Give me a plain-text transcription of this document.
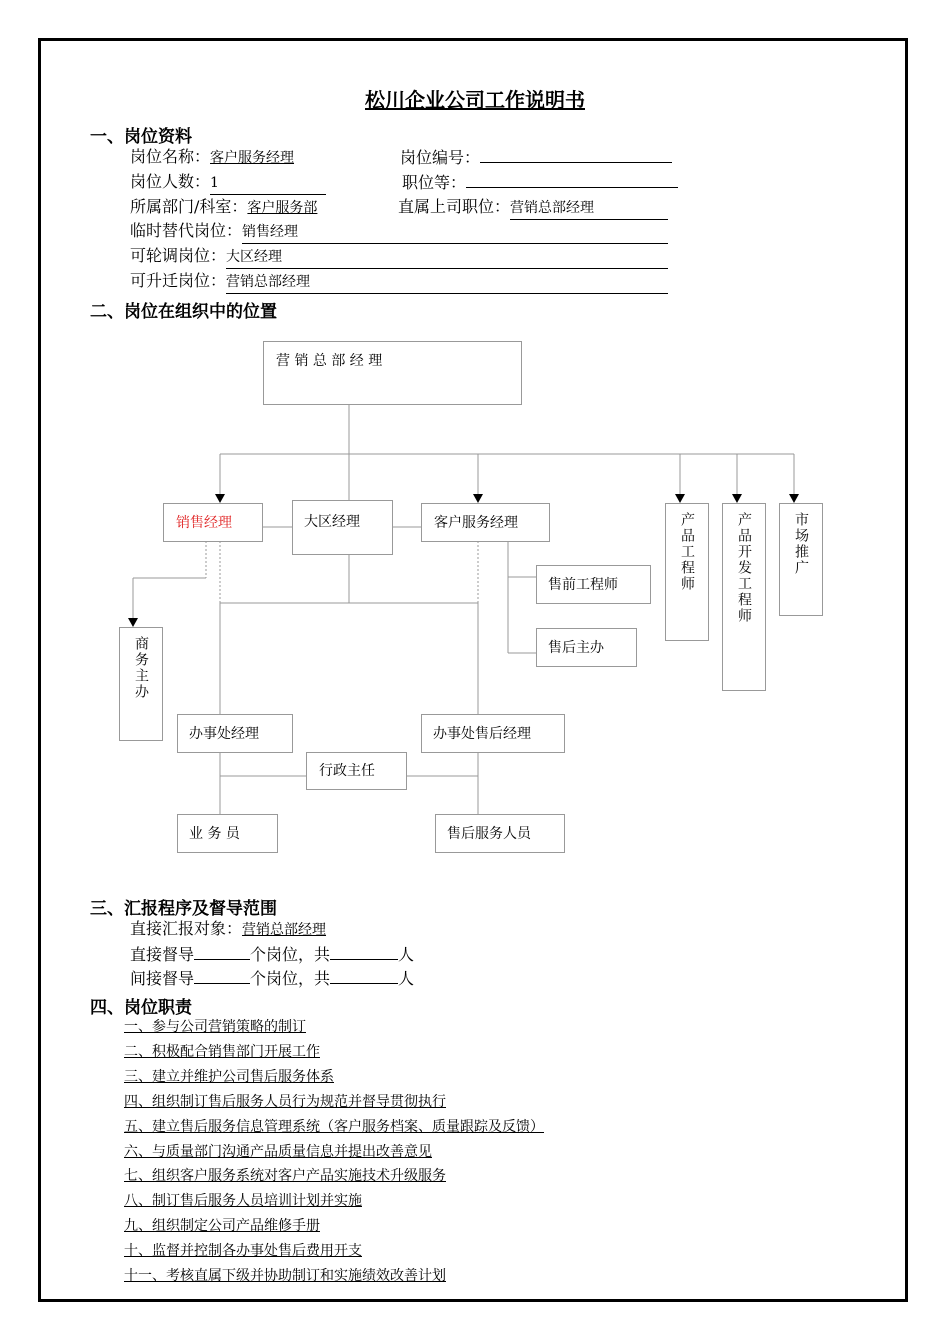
松川企业公司工作说明书
一、岗位资料
岗位名称：客户服务经理	岗位编号：
岗位人数：1	职位等：
所属部门/科室：客户服务部	直属上司职位：营销总部经理
临时替代岗位：销售经理
可轮调岗位：大区经理
可升迁岗位：营销总部经理
二、岗位在组织中的位置
营 销 总 部 经 理
销售经理	大区经理	客户服务经理
售前工程师
售后主办
商务主办
产品工程师	产品开发工程师	市场推广
办事处经理	办事处售后经理
行政主任
业 务 员	售后服务人员
三、汇报程序及督导范围
直接汇报对象：营销总部经理
直接督导	个岗位，共	人
间接督导	个岗位，共	人
四、岗位职责
一、参与公司营销策略的制订
二、积极配合销售部门开展工作
三、建立并维护公司售后服务体系
四、组织制订售后服务人员行为规范并督导贯彻执行
五、建立售后服务信息管理系统（客户服务档案、质量跟踪及反馈）
六、与质量部门沟通产品质量信息并提出改善意见
七、组织客户服务系统对客户产品实施技术升级服务
八、制订售后服务人员培训计划并实施
九、组织制定公司产品维修手册
十、监督并控制各办事处售后费用开支
十一、考核直属下级并协助制订和实施绩效改善计划
